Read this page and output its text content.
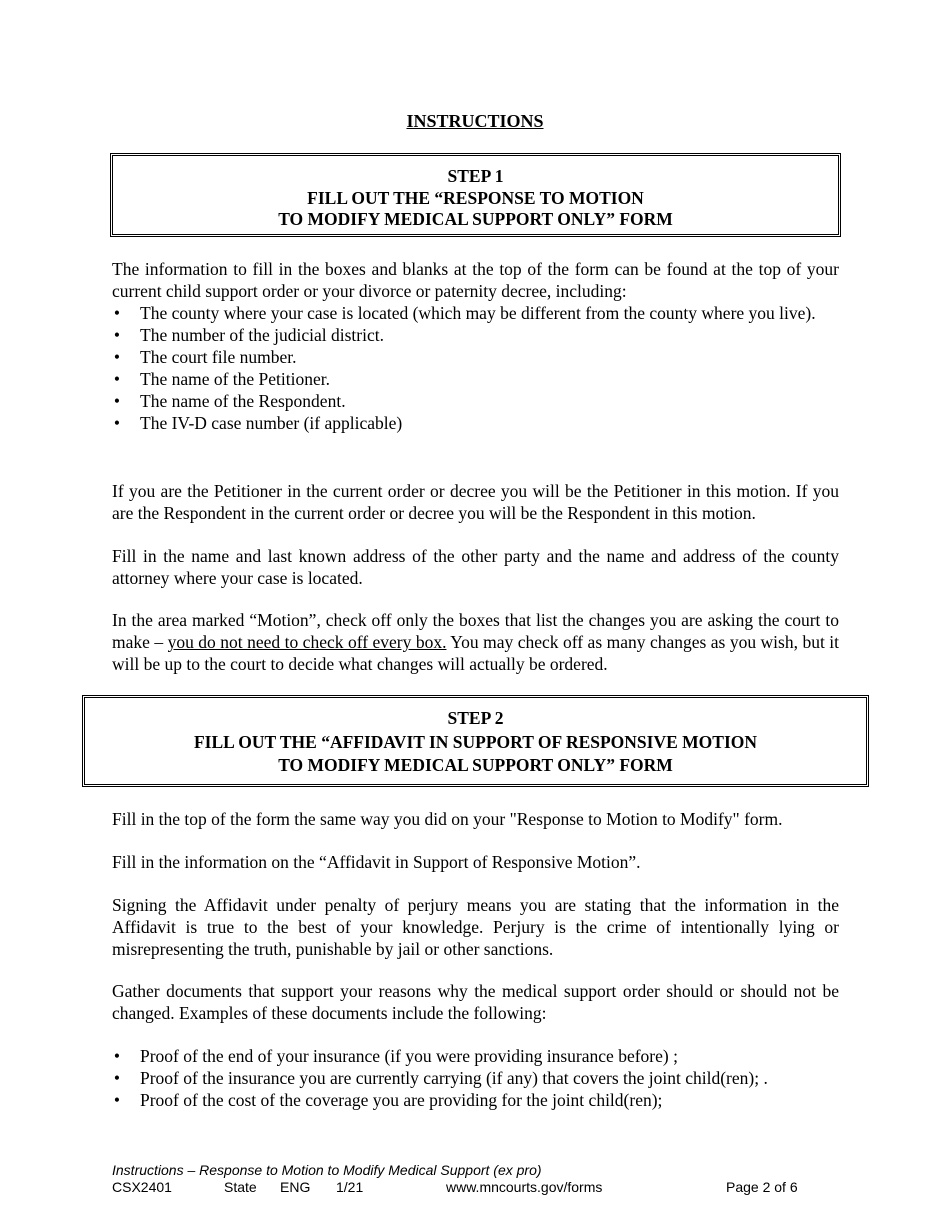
INSTRUCTIONS
STEP 1
FILL OUT THE “RESPONSE TO MOTION
TO MODIFY MEDICAL SUPPORT ONLY” FORM

The information to fill in the boxes and blanks at the top of the form can be found at the top of your current child support order or your divorce or paternity decree, including:

• The county where your case is located (which may be different from the county where you live).
• The number of the judicial district.
• The court file number.
• The name of the Petitioner.
• The name of the Respondent.
• The IV-D case number (if applicable)

If you are the Petitioner in the current order or decree you will be the Petitioner in this motion. If you are the Respondent in the current order or decree you will be the Respondent in this motion.

Fill in the name and last known address of the other party and the name and address of the county attorney where your case is located.

In the area marked “Motion”, check off only the boxes that list the changes you are asking the court to make – you do not need to check off every box. You may check off as many changes as you wish, but it will be up to the court to decide what changes will actually be ordered.

STEP 2
FILL OUT THE “AFFIDAVIT IN SUPPORT OF RESPONSIVE MOTION
TO MODIFY MEDICAL SUPPORT ONLY” FORM

Fill in the top of the form the same way you did on your "Response to Motion to Modify" form.

Fill in the information on the “Affidavit in Support of Responsive Motion”.

Signing the Affidavit under penalty of perjury means you are stating that the information in the Affidavit is true to the best of your knowledge. Perjury is the crime of intentionally lying or misrepresenting the truth, punishable by jail or other sanctions.

Gather documents that support your reasons why the medical support order should or should not be changed. Examples of these documents include the following:

• Proof of the end of your insurance (if you were providing insurance before) ;
• Proof of the insurance you are currently carrying (if any) that covers the joint child(ren); .
• Proof of the cost of the coverage you are providing for the joint child(ren);
Instructions – Response to Motion to Modify Medical Support (ex pro)
CSX2401	State ENG 1/21	www.mncourts.gov/forms	Page 2 of 6
